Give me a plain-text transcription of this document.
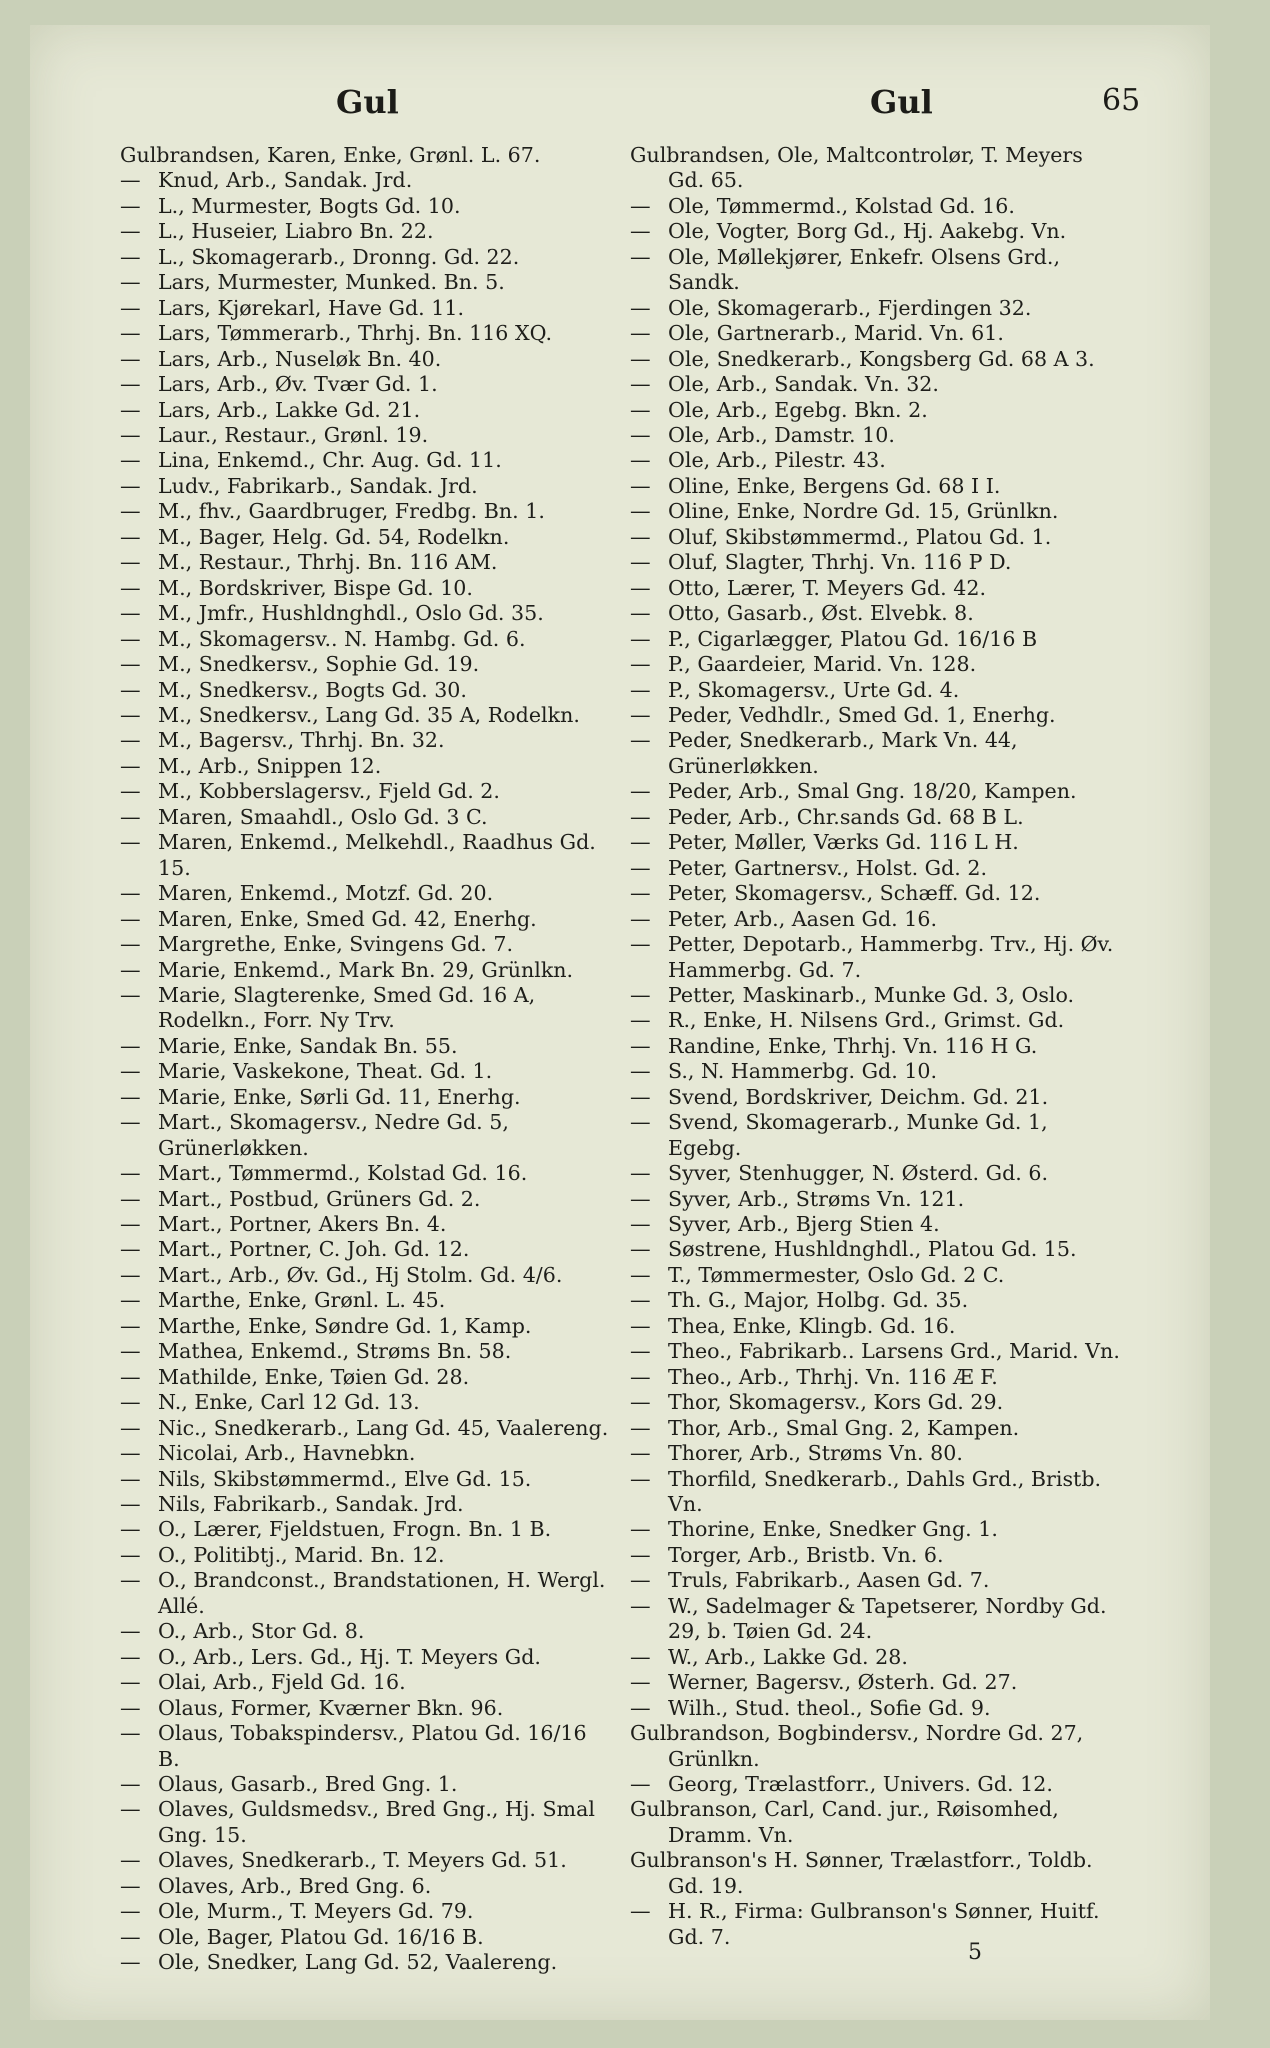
Gul	Gul	65
Gulbrandsen, Karen, Enke, Grønl. L. 67.
— Knud, Arb., Sandak. Jrd.
— L., Murmester, Bogts Gd. 10.
— L., Huseier, Liabro Bn. 22.
— L., Skomagerarb., Dronng. Gd. 22.
— Lars, Murmester, Munked. Bn. 5.
— Lars, Kjørekarl, Have Gd. 11.
— Lars, Tømmerarb., Thrhj. Bn. 116 XQ.
— Lars, Arb., Nuseløk Bn. 40.
— Lars, Arb., Øv. Tvær Gd. 1.
— Lars, Arb., Lakke Gd. 21.
— Laur., Restaur., Grønl. 19.
— Lina, Enkemd., Chr. Aug. Gd. 11.
— Ludv., Fabrikarb., Sandak. Jrd.
— M., fhv., Gaardbruger, Fredbg. Bn. 1.
— M., Bager, Helg. Gd. 54, Rodelkn.
— M., Restaur., Thrhj. Bn. 116 AM.
— M., Bordskriver, Bispe Gd. 10.
— M., Jmfr., Hushldnghdl., Oslo Gd. 35.
— M., Skomagersv.. N. Hambg. Gd. 6.
— M., Snedkersv., Sophie Gd. 19.
— M., Snedkersv., Bogts Gd. 30.
— M., Snedkersv., Lang Gd. 35 A, Rodelkn.
— M., Bagersv., Thrhj. Bn. 32.
— M., Arb., Snippen 12.
— M., Kobberslagersv., Fjeld Gd. 2.
— Maren, Smaahdl., Oslo Gd. 3 C.
— Maren, Enkemd., Melkehdl., Raadhus Gd. 15.
— Maren, Enkemd., Motzf. Gd. 20.
— Maren, Enke, Smed Gd. 42, Enerhg.
— Margrethe, Enke, Svingens Gd. 7.
— Marie, Enkemd., Mark Bn. 29, Grünlkn.
— Marie, Slagterenke, Smed Gd. 16 A, Rodelkn., Forr. Ny Trv.
— Marie, Enke, Sandak Bn. 55.
— Marie, Vaskekone, Theat. Gd. 1.
— Marie, Enke, Sørli Gd. 11, Enerhg.
— Mart., Skomagersv., Nedre Gd. 5, Grünerløkken.
— Mart., Tømmermd., Kolstad Gd. 16.
— Mart., Postbud, Grüners Gd. 2.
— Mart., Portner, Akers Bn. 4.
— Mart., Portner, C. Joh. Gd. 12.
— Mart., Arb., Øv. Gd., Hj Stolm. Gd. 4/6.
— Marthe, Enke, Grønl. L. 45.
— Marthe, Enke, Søndre Gd. 1, Kamp.
— Mathea, Enkemd., Strøms Bn. 58.
— Mathilde, Enke, Tøien Gd. 28.
— N., Enke, Carl 12 Gd. 13.
— Nic., Snedkerarb., Lang Gd. 45, Vaalereng.
— Nicolai, Arb., Havnebkn.
— Nils, Skibstømmermd., Elve Gd. 15.
— Nils, Fabrikarb., Sandak. Jrd.
— O., Lærer, Fjeldstuen, Frogn. Bn. 1 B.
— O., Politibtj., Marid. Bn. 12.
— O., Brandconst., Brandstationen, H. Wergl. Allé.
— O., Arb., Stor Gd. 8.
— O., Arb., Lers. Gd., Hj. T. Meyers Gd.
— Olai, Arb., Fjeld Gd. 16.
— Olaus, Former, Kværner Bkn. 96.
— Olaus, Tobakspindersv., Platou Gd. 16/16 B.
— Olaus, Gasarb., Bred Gng. 1.
— Olaves, Guldsmedsv., Bred Gng., Hj. Smal Gng. 15.
— Olaves, Snedkerarb., T. Meyers Gd. 51.
— Olaves, Arb., Bred Gng. 6.
— Ole, Murm., T. Meyers Gd. 79.
— Ole, Bager, Platou Gd. 16/16 B.
— Ole, Snedker, Lang Gd. 52, Vaalereng.
Gulbrandsen, Ole, Maltcontrolør, T. Meyers Gd. 65.
— Ole, Tømmermd., Kolstad Gd. 16.
— Ole, Vogter, Borg Gd., Hj. Aakebg. Vn.
— Ole, Møllekjører, Enkefr. Olsens Grd., Sandk.
— Ole, Skomagerarb., Fjerdingen 32.
— Ole, Gartnerarb., Marid. Vn. 61.
— Ole, Snedkerarb., Kongsberg Gd. 68 A 3.
— Ole, Arb., Sandak. Vn. 32.
— Ole, Arb., Egebg. Bkn. 2.
— Ole, Arb., Damstr. 10.
— Ole, Arb., Pilestr. 43.
— Oline, Enke, Bergens Gd. 68 I I.
— Oline, Enke, Nordre Gd. 15, Grünlkn.
— Oluf, Skibstømmermd., Platou Gd. 1.
— Oluf, Slagter, Thrhj. Vn. 116 P D.
— Otto, Lærer, T. Meyers Gd. 42.
— Otto, Gasarb., Øst. Elvebk. 8.
— P., Cigarlægger, Platou Gd. 16/16 B
— P., Gaardeier, Marid. Vn. 128.
— P., Skomagersv., Urte Gd. 4.
— Peder, Vedhdlr., Smed Gd. 1, Enerhg.
— Peder, Snedkerarb., Mark Vn. 44, Grünerløkken.
— Peder, Arb., Smal Gng. 18/20, Kampen.
— Peder, Arb., Chr.sands Gd. 68 B L.
— Peter, Møller, Værks Gd. 116 L H.
— Peter, Gartnersv., Holst. Gd. 2.
— Peter, Skomagersv., Schæff. Gd. 12.
— Peter, Arb., Aasen Gd. 16.
— Petter, Depotarb., Hammerbg. Trv., Hj. Øv. Hammerbg. Gd. 7.
— Petter, Maskinarb., Munke Gd. 3, Oslo.
— R., Enke, H. Nilsens Grd., Grimst. Gd.
— Randine, Enke, Thrhj. Vn. 116 H G.
— S., N. Hammerbg. Gd. 10.
— Svend, Bordskriver, Deichm. Gd. 21.
— Svend, Skomagerarb., Munke Gd. 1, Egebg.
— Syver, Stenhugger, N. Østerd. Gd. 6.
— Syver, Arb., Strøms Vn. 121.
— Syver, Arb., Bjerg Stien 4.
— Søstrene, Hushldnghdl., Platou Gd. 15.
— T., Tømmermester, Oslo Gd. 2 C.
— Th. G., Major, Holbg. Gd. 35.
— Thea, Enke, Klingb. Gd. 16.
— Theo., Fabrikarb.. Larsens Grd., Marid. Vn.
— Theo., Arb., Thrhj. Vn. 116 Æ F.
— Thor, Skomagersv., Kors Gd. 29.
— Thor, Arb., Smal Gng. 2, Kampen.
— Thorer, Arb., Strøms Vn. 80.
— Thorfild, Snedkerarb., Dahls Grd., Bristb. Vn.
— Thorine, Enke, Snedker Gng. 1.
— Torger, Arb., Bristb. Vn. 6.
— Truls, Fabrikarb., Aasen Gd. 7.
— W., Sadelmager & Tapetserer, Nordby Gd. 29, b. Tøien Gd. 24.
— W., Arb., Lakke Gd. 28.
— Werner, Bagersv., Østerh. Gd. 27.
— Wilh., Stud. theol., Sofie Gd. 9.
Gulbrandson, Bogbindersv., Nordre Gd. 27, Grünlkn.
— Georg, Trælastforr., Univers. Gd. 12.
Gulbranson, Carl, Cand. jur., Røisomhed, Dramm. Vn.
Gulbranson's H. Sønner, Trælastforr., Toldb. Gd. 19.
— H. R., Firma: Gulbranson's Sønner, Huitf. Gd. 7.
5
